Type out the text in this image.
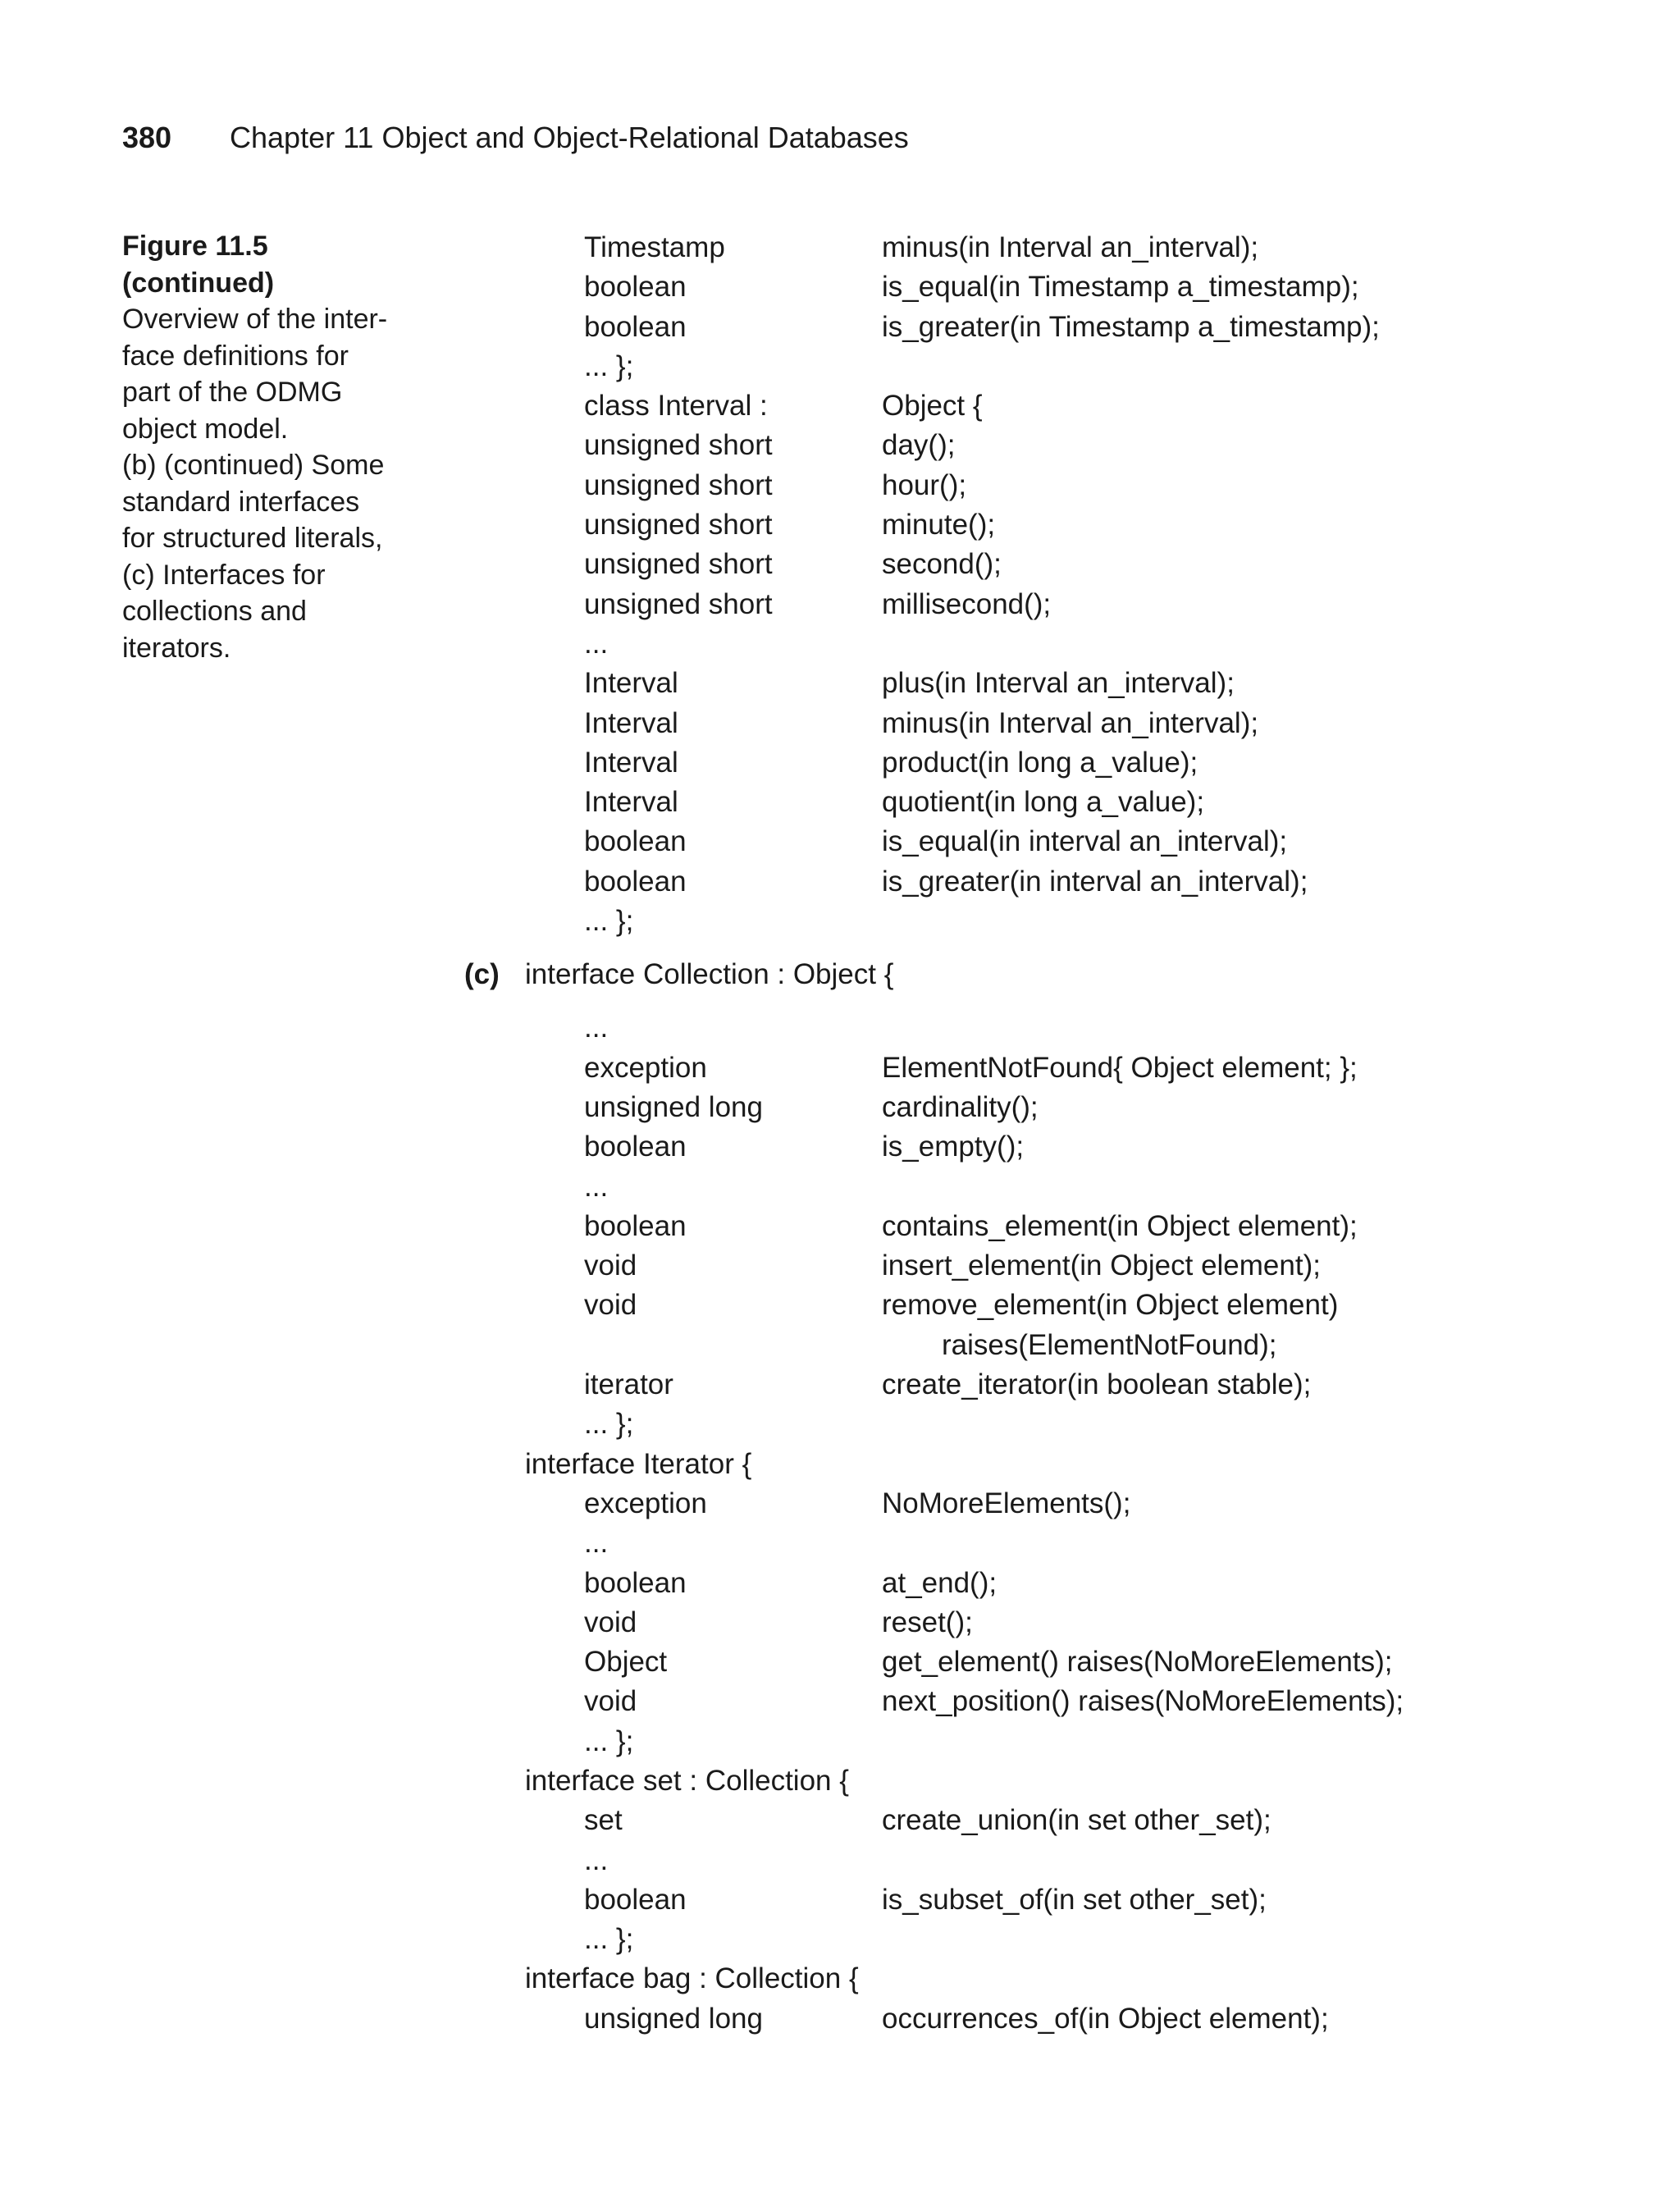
380 Chapter 11 Object and Object-Relational Databases
Figure 11.5
(continued)
Overview of the inter-
face definitions for
part of the ODMG
object model.
(b) (continued) Some
standard interfaces
for structured literals,
(c) Interfaces for
collections and
iterators.
Timestamp	minus(in Interval an_interval);
boolean	is_equal(in Timestamp a_timestamp);
boolean	is_greater(in Timestamp a_timestamp);
... };
class Interval :	Object {
unsigned short	day();
unsigned short	hour();
unsigned short	minute();
unsigned short	second();
unsigned short	millisecond();
...
Interval	plus(in Interval an_interval);
Interval	minus(in Interval an_interval);
Interval	product(in long a_value);
Interval	quotient(in long a_value);
boolean	is_equal(in interval an_interval);
boolean	is_greater(in interval an_interval);
... };
(c) interface Collection : Object {
...
exception	ElementNotFound{ Object element; };
unsigned long	cardinality();
boolean	is_empty();
...
boolean	contains_element(in Object element);
void	insert_element(in Object element);
void	remove_element(in Object element)
raises(ElementNotFound);
iterator	create_iterator(in boolean stable);
... };
interface Iterator {
exception	NoMoreElements();
...
boolean	at_end();
void	reset();
Object	get_element() raises(NoMoreElements);
void	next_position() raises(NoMoreElements);
... };
interface set : Collection {
set	create_union(in set other_set);
...
boolean	is_subset_of(in set other_set);
... };
interface bag : Collection {
unsigned long	occurrences_of(in Object element);
